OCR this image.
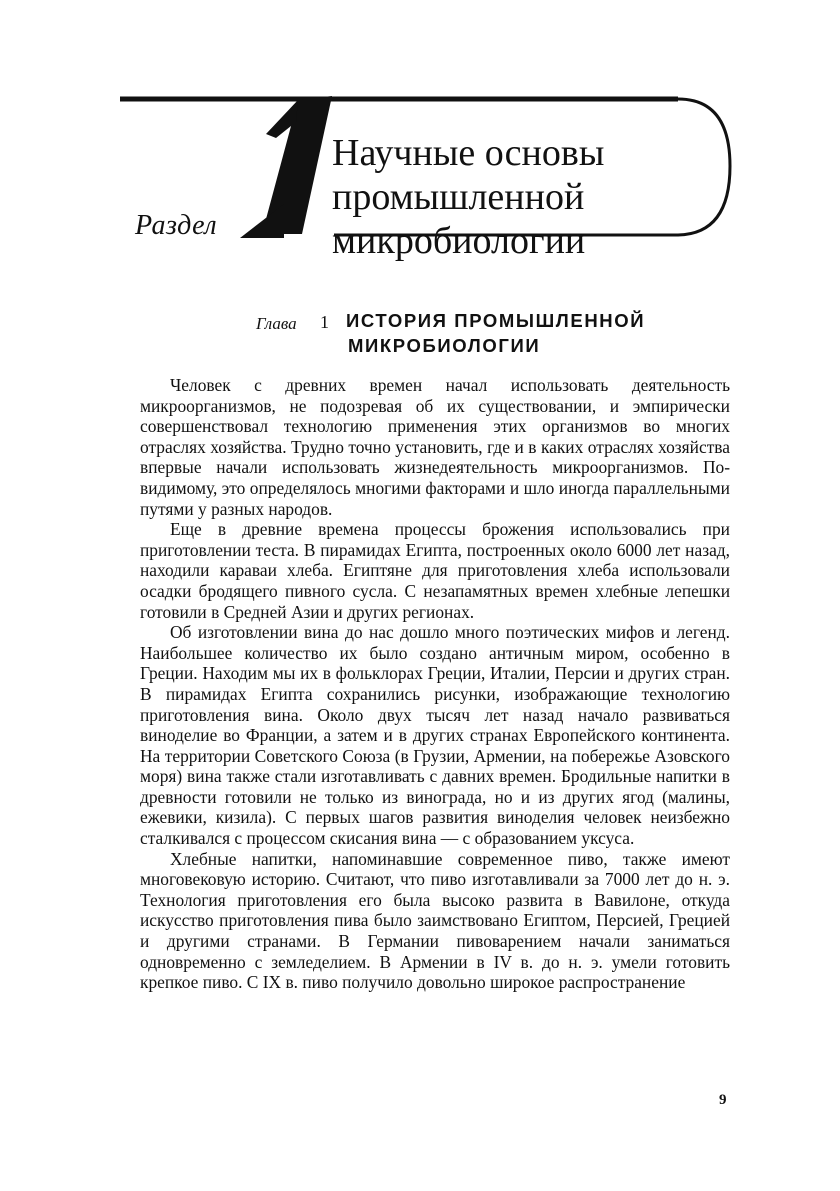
Раздел
Научные основы
промышленной
микробиологии
Глава 1 ИСТОРИЯ ПРОМЫШЛЕННОЙ
МИКРОБИОЛОГИИ

Человек с древних времен начал использовать деятельность микроорганизмов, не подозревая об их существовании, и эмпирически совершенствовал технологию применения этих организмов во многих отраслях хозяйства. Трудно точно установить, где и в каких отраслях хозяйства впервые начали использовать жизнедеятельность микроорганизмов. По-видимому, это определялось многими факторами и шло иногда параллельными путями у разных народов.

Еще в древние времена процессы брожения использовались при приготовлении теста. В пирамидах Египта, построенных около 6000 лет назад, находили караваи хлеба. Египтяне для приготовления хлеба использовали осадки бродящего пивного сусла. С незапамятных времен хлебные лепешки готовили в Средней Азии и других регионах.

Об изготовлении вина до нас дошло много поэтических мифов и легенд. Наибольшее количество их было создано античным миром, особенно в Греции. Находим мы их в фольклорах Греции, Италии, Персии и других стран. В пирамидах Египта сохранились рисунки, изображающие технологию приготовления вина. Около двух тысяч лет назад начало развиваться виноделие во Франции, а затем и в других странах Европейского континента. На территории Советского Союза (в Грузии, Армении, на побережье Азовского моря) вина также стали изготавливать с давних времен. Бродильные напитки в древности готовили не только из винограда, но и из других ягод (малины, ежевики, кизила). С первых шагов развития виноделия человек неизбежно сталкивался с процессом скисания вина — с образованием уксуса.

Хлебные напитки, напоминавшие современное пиво, также имеют многовековую историю. Считают, что пиво изготавливали за 7000 лет до н. э. Технология приготовления его была высоко развита в Вавилоне, откуда искусство приготовления пива было заимствовано Египтом, Персией, Грецией и другими странами. В Германии пивоварением начали заниматься одновременно с земледелием. В Армении в IV в. до н. э. умели готовить крепкое пиво. С IX в. пиво получило довольно широкое распространение

9
